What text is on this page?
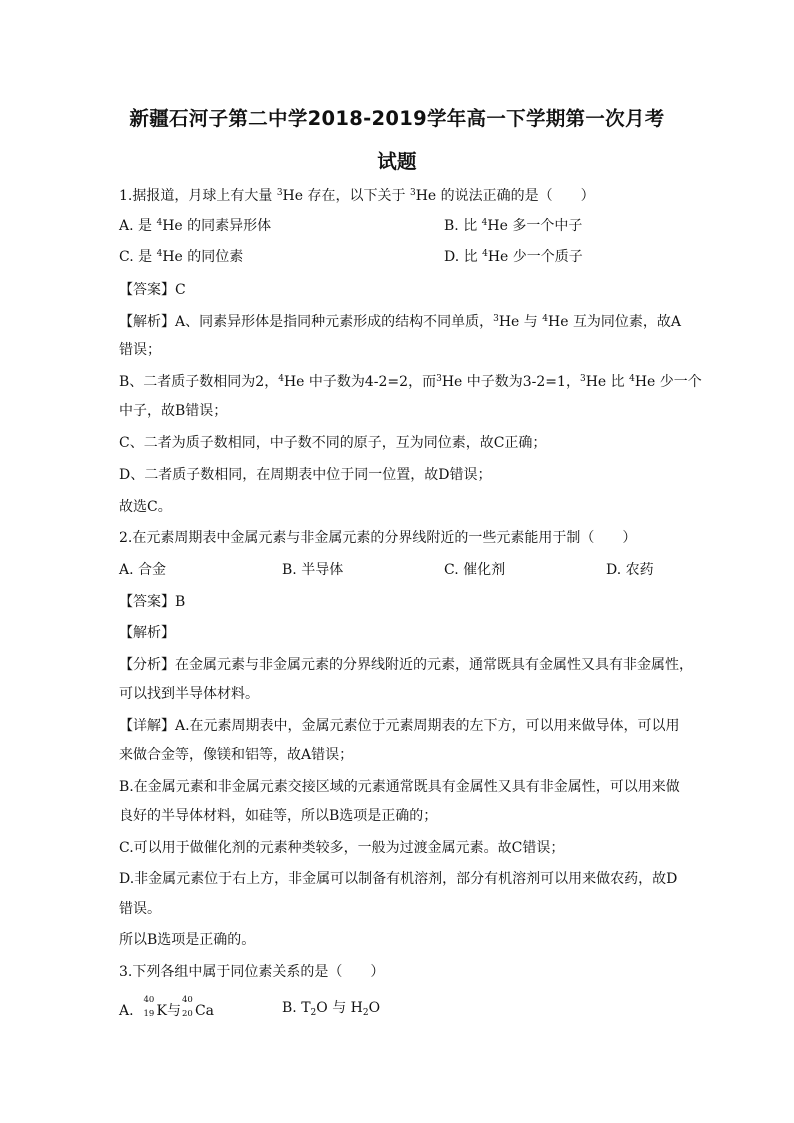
新疆石河子第二中学2018-2019学年高一下学期第一次月考
试题
1.据报道，月球上有大量 $^3$He 存在，以下关于 $^3$He 的说法正确的是（　　）
A. 是 $^4$He 的同素异形体	B. 比 $^4$He 多一个中子
C. 是 $^4$He 的同位素	D. 比 $^4$He 少一个质子
【答案】C
【解析】A、同素异形体是指同种元素形成的结构不同单质，$^3$He 与 $^4$He 互为同位素，故A
错误；
B、二者质子数相同为2，$^4$He 中子数为4-2=2，而$^3$He 中子数为3-2=1，$^3$He 比 $^4$He 少一个
中子，故B错误；
C、二者为质子数相同，中子数不同的原子，互为同位素，故C正确；
D、二者质子数相同，在周期表中位于同一位置，故D错误；
故选C。
2.在元素周期表中金属元素与非金属元素的分界线附近的一些元素能用于制（　　）
A. 合金	B. 半导体	C. 催化剂	D. 农药
【答案】B
【解析】
【分析】在金属元素与非金属元素的分界线附近的元素，通常既具有金属性又具有非金属性，
可以找到半导体材料。
【详解】A.在元素周期表中，金属元素位于元素周期表的左下方，可以用来做导体，可以用
来做合金等，像镁和铝等，故A错误；
B.在金属元素和非金属元素交接区域的元素通常既具有金属性又具有非金属性，可以用来做
良好的半导体材料，如硅等，所以B选项是正确的；
C.可以用于做催化剂的元素种类较多，一般为过渡金属元素。故C错误；
D.非金属元素位于右上方，非金属可以制备有机溶剂，部分有机溶剂可以用来做农药，故D
错误。
所以B选项是正确的。
3.下列各组中属于同位素关系的是（　　）
A.
40
19 K与
40
20 Ca	B. $T_2O$ 与 $H_2O$
